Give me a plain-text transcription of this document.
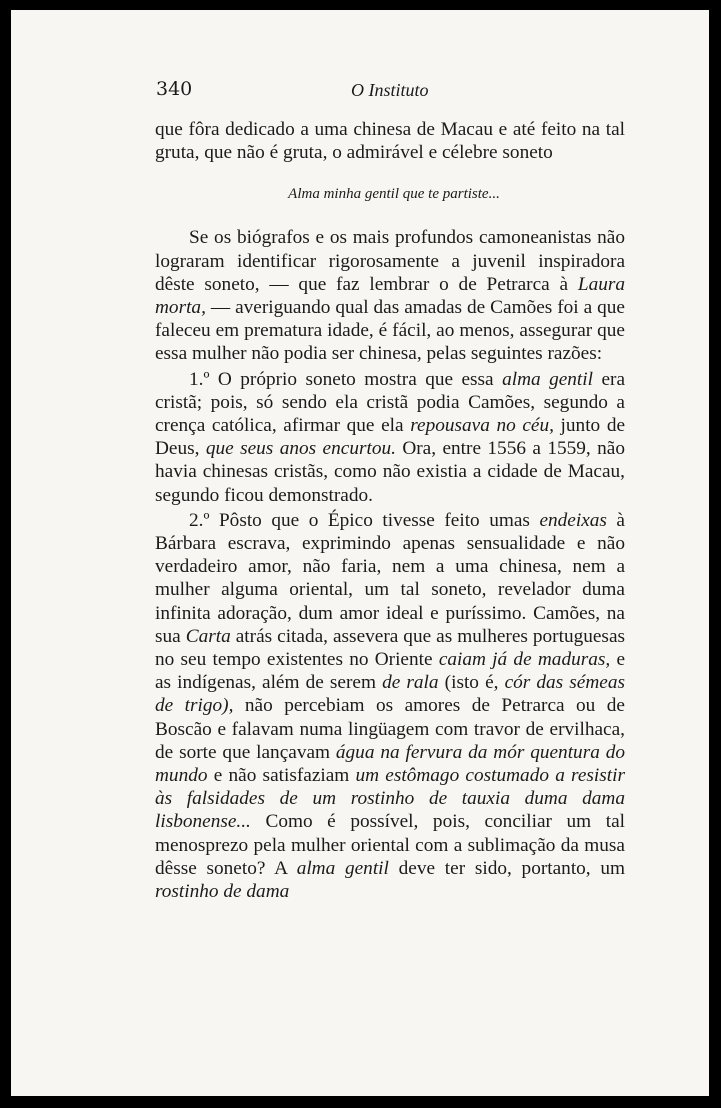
340	O Instituto

que fôra dedicado a uma chinesa de Macau e até feito na tal gruta, que não é gruta, o admirável e célebre soneto

Alma minha gentil que te partiste...

Se os biógrafos e os mais profundos camoneanistas não lograram identificar rigorosamente a juvenil inspiradora dêste soneto, — que faz lembrar o de Petrarca à Laura morta, — averiguando qual das amadas de Camões foi a que faleceu em prematura idade, é fácil, ao menos, assegurar que essa mulher não podia ser chinesa, pelas seguintes razões:

1.º O próprio soneto mostra que essa alma gentil era cristã; pois, só sendo ela cristã podia Camões, segundo a crença católica, afirmar que ela repousava no céu, junto de Deus, que seus anos encurtou. Ora, entre 1556 a 1559, não havia chinesas cristãs, como não existia a cidade de Macau, segundo ficou demonstrado.

2.º Pôsto que o Épico tivesse feito umas endeixas à Bárbara escrava, exprimindo apenas sensualidade e não verdadeiro amor, não faria, nem a uma chinesa, nem a mulher alguma oriental, um tal soneto, revelador duma infinita adoração, dum amor ideal e puríssimo. Camões, na sua Carta atrás citada, assevera que as mulheres portuguesas no seu tempo existentes no Oriente caiam já de maduras, e as indígenas, além de serem de rala (isto é, cór das sémeas de trigo), não percebiam os amores de Petrarca ou de Boscão e falavam numa lingüagem com travor de ervilhaca, de sorte que lançavam água na fervura da mór quentura do mundo e não satisfaziam um estômago costumado a resistir às falsidades de um rostinho de tauxia duma dama lisbonense... Como é possível, pois, conciliar um tal menosprezo pela mulher oriental com a sublimação da musa dêsse soneto? A alma gentil deve ter sido, portanto, um rostinho de dama
